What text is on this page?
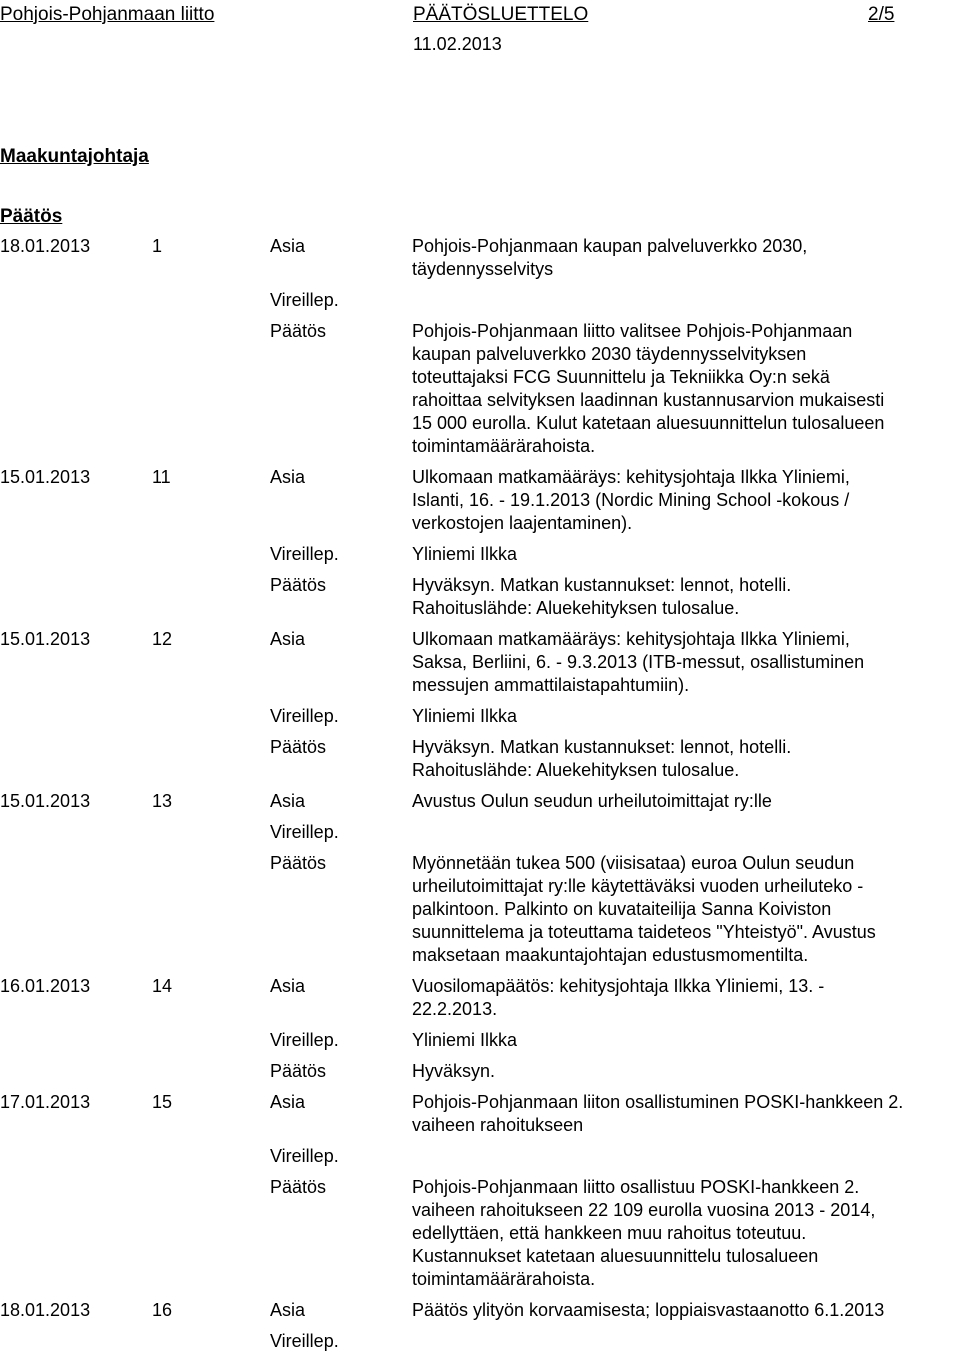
Pohjois-Pohjanmaan liitto	PÄÄTÖSLUETTELO	2/5
11.02.2013
Maakuntajohtaja
Päätös
18.01.2013	1	Asia	Pohjois-Pohjanmaan kaupan palveluverkko 2030,
täydennysselvitys
Vireillep.
Päätös	Pohjois-Pohjanmaan liitto valitsee Pohjois-Pohjanmaan
kaupan palveluverkko 2030 täydennysselvityksen
toteuttajaksi FCG Suunnittelu ja Tekniikka Oy:n sekä
rahoittaa selvityksen laadinnan kustannusarvion mukaisesti
15 000 eurolla. Kulut katetaan aluesuunnittelun tulosalueen
toimintamäärärahoista.
15.01.2013	11	Asia	Ulkomaan matkamääräys: kehitysjohtaja Ilkka Yliniemi,
Islanti, 16. - 19.1.2013 (Nordic Mining School -kokous /
verkostojen laajentaminen).
Vireillep.	Yliniemi Ilkka
Päätös	Hyväksyn. Matkan kustannukset: lennot, hotelli.
Rahoituslähde: Aluekehityksen tulosalue.
15.01.2013	12	Asia	Ulkomaan matkamääräys: kehitysjohtaja Ilkka Yliniemi,
Saksa, Berliini, 6. - 9.3.2013 (ITB-messut, osallistuminen
messujen ammattilaistapahtumiin).
Vireillep.	Yliniemi Ilkka
Päätös	Hyväksyn. Matkan kustannukset: lennot, hotelli.
Rahoituslähde: Aluekehityksen tulosalue.
15.01.2013	13	Asia	Avustus Oulun seudun urheilutoimittajat ry:lle
Vireillep.
Päätös	Myönnetään tukea 500 (viisisataa) euroa Oulun seudun
urheilutoimittajat ry:lle käytettäväksi vuoden urheiluteko -
palkintoon. Palkinto on kuvataiteilija Sanna Koiviston
suunnittelema ja toteuttama taideteos "Yhteistyö". Avustus
maksetaan maakuntajohtajan edustusmomentilta.
16.01.2013	14	Asia	Vuosilomapäätös: kehitysjohtaja Ilkka Yliniemi, 13. -
22.2.2013.
Vireillep.	Yliniemi Ilkka
Päätös	Hyväksyn.
17.01.2013	15	Asia	Pohjois-Pohjanmaan liiton osallistuminen POSKI-hankkeen 2.
vaiheen rahoitukseen
Vireillep.
Päätös	Pohjois-Pohjanmaan liitto osallistuu POSKI-hankkeen 2.
vaiheen rahoitukseen 22 109 eurolla vuosina 2013 - 2014,
edellyttäen, että hankkeen muu rahoitus toteutuu.
Kustannukset katetaan aluesuunnittelu tulosalueen
toimintamäärärahoista.
18.01.2013	16	Asia	Päätös ylityön korvaamisesta; loppiaisvastaanotto 6.1.2013
Vireillep.
